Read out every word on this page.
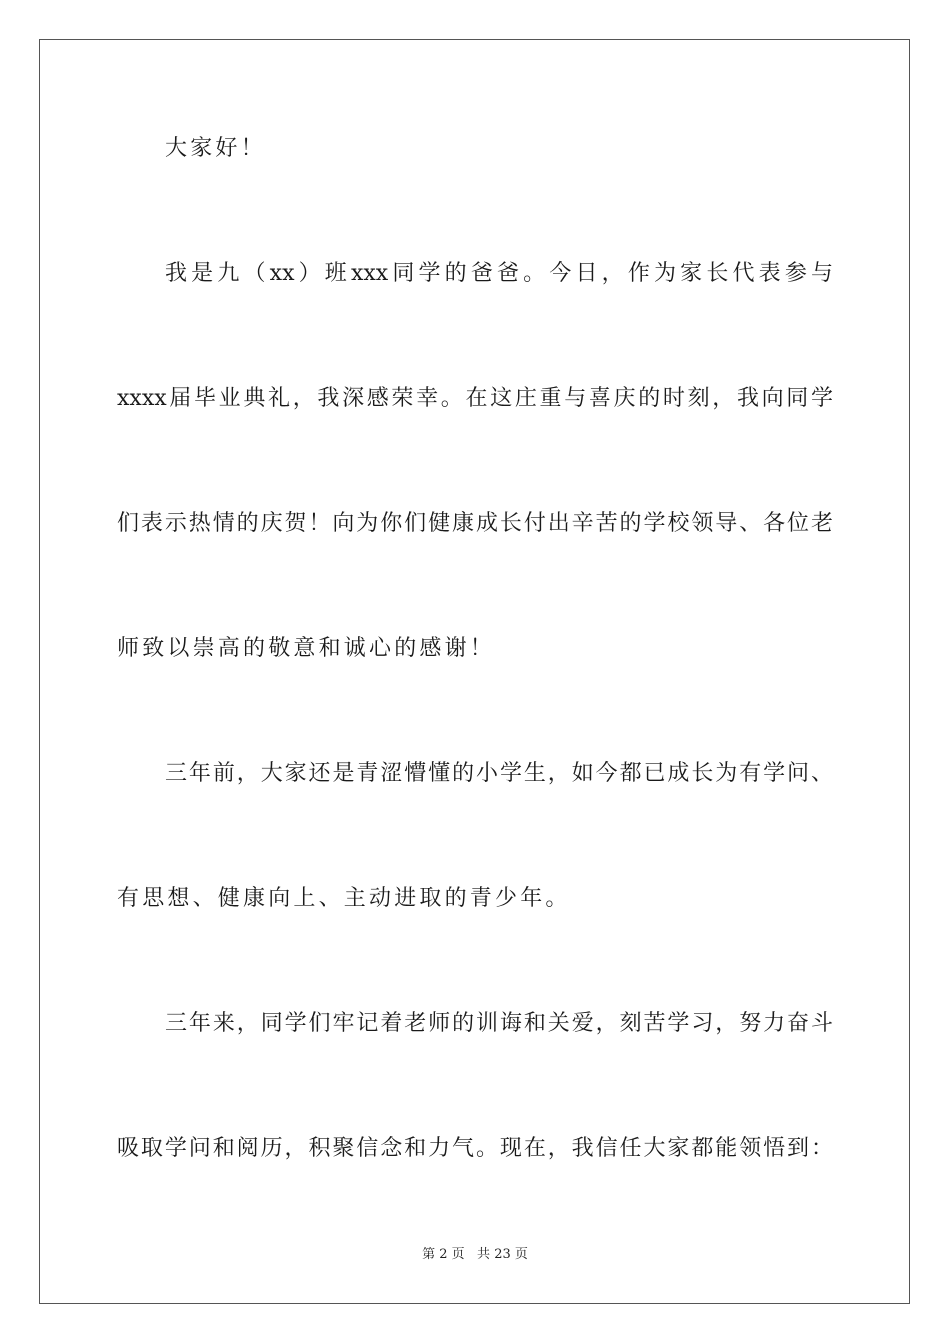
大家好！
我是九（xx）班xxx同学的爸爸。今日，作为家长代表参与
xxxx届毕业典礼，我深感荣幸。在这庄重与喜庆的时刻，我向同学
们表示热情的庆贺！向为你们健康成长付出辛苦的学校领导、各位老
师致以崇高的敬意和诚心的感谢！
三年前，大家还是青涩懵懂的小学生，如今都已成长为有学问、
有思想、健康向上、主动进取的青少年。
三年来，同学们牢记着老师的训诲和关爱，刻苦学习，努力奋斗
吸取学问和阅历，积聚信念和力气。现在，我信任大家都能领悟到：
第 2 页   共 23 页
